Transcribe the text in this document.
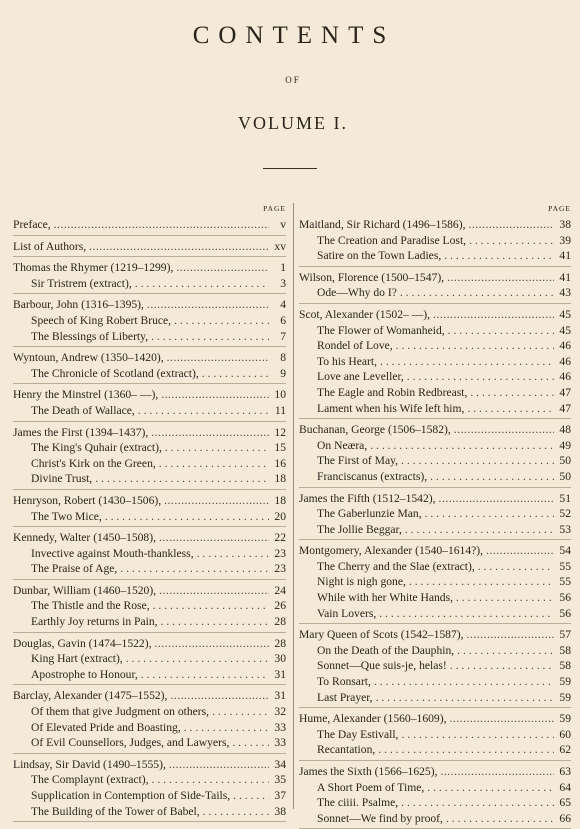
CONTENTS
OF
VOLUME I.
PAGE
Preface, .....	v
List of Authors, .....	xv
Thomas the Rhymer (1219–1299), .....	1
Sir Tristrem (extract), . . .	3
Barbour, John (1316–1395), .....	4
Speech of King Robert Bruce, . . .	6
The Blessings of Liberty, . . .	7
Wyntoun, Andrew (1350–1420), .....	8
The Chronicle of Scotland (extract), . . .	9
Henry the Minstrel (1360– —), .....	10
The Death of Wallace, . . .	11
James the First (1394–1437), .....	12
The King's Quhair (extract), . . .	15
Christ's Kirk on the Green, . . .	16
Divine Trust, . . .	18
Henryson, Robert (1430–1506), .....	18
The Two Mice, . . .	20
Kennedy, Walter (1450–1508), .....	22
Invective against Mouth-thankless, . . .	23
The Praise of Age, . . .	23
Dunbar, William (1460–1520), .....	24
The Thistle and the Rose, . . .	26
Earthly Joy returns in Pain, . . .	28
Douglas, Gavin (1474–1522), .....	28
King Hart (extract), . . .	30
Apostrophe to Honour, . . .	31
Barclay, Alexander (1475–1552), .....	31
Of them that give Judgment on others, . . .	32
Of Elevated Pride and Boasting, . . .	33
Of Evil Counsellors, Judges, and Lawyers, . . .	33
Lindsay, Sir David (1490–1555), .....	34
The Complaynt (extract), . . .	35
Supplication in Contemption of Side-Tails, . . .	37
The Building of the Tower of Babel, . . .	38
PAGE
Maitland, Sir Richard (1496–1586), .....	38
The Creation and Paradise Lost, . . .	39
Satire on the Town Ladies, . . .	41
Wilson, Florence (1500–1547), .....	41
Ode—Why do I? . . .	43
Scot, Alexander (1502– —), .....	45
The Flower of Womanheid, . . .	45
Rondel of Love, . . .	46
To his Heart, . . .	46
Love ane Leveller, . . .	46
The Eagle and Robin Redbreast, . . .	47
Lament when his Wife left him, . . .	47
Buchanan, George (1506–1582), .....	48
On Neæra, . . .	49
The First of May, . . .	50
Franciscanus (extracts), . . .	50
James the Fifth (1512–1542), .....	51
The Gaberlunzie Man, . . .	52
The Jollie Beggar, . . .	53
Montgomery, Alexander (1540–1614?), .....	54
The Cherry and the Slae (extract), . . .	55
Night is nigh gone, . . .	55
While with her White Hands, . . .	56
Vain Lovers, . . .	56
Mary Queen of Scots (1542–1587), .....	57
On the Death of the Dauphin, . . .	58
Sonnet—Que suis-je, helas! . . .	58
To Ronsart, . . .	59
Last Prayer, . . .	59
Hume, Alexander (1560–1609), .....	59
The Day Estivall, . . .	60
Recantation, . . .	62
James the Sixth (1566–1625), .....	63
A Short Poem of Time, . . .	64
The ciiii. Psalme, . . .	65
Sonnet—We find by proof, . . .	66
